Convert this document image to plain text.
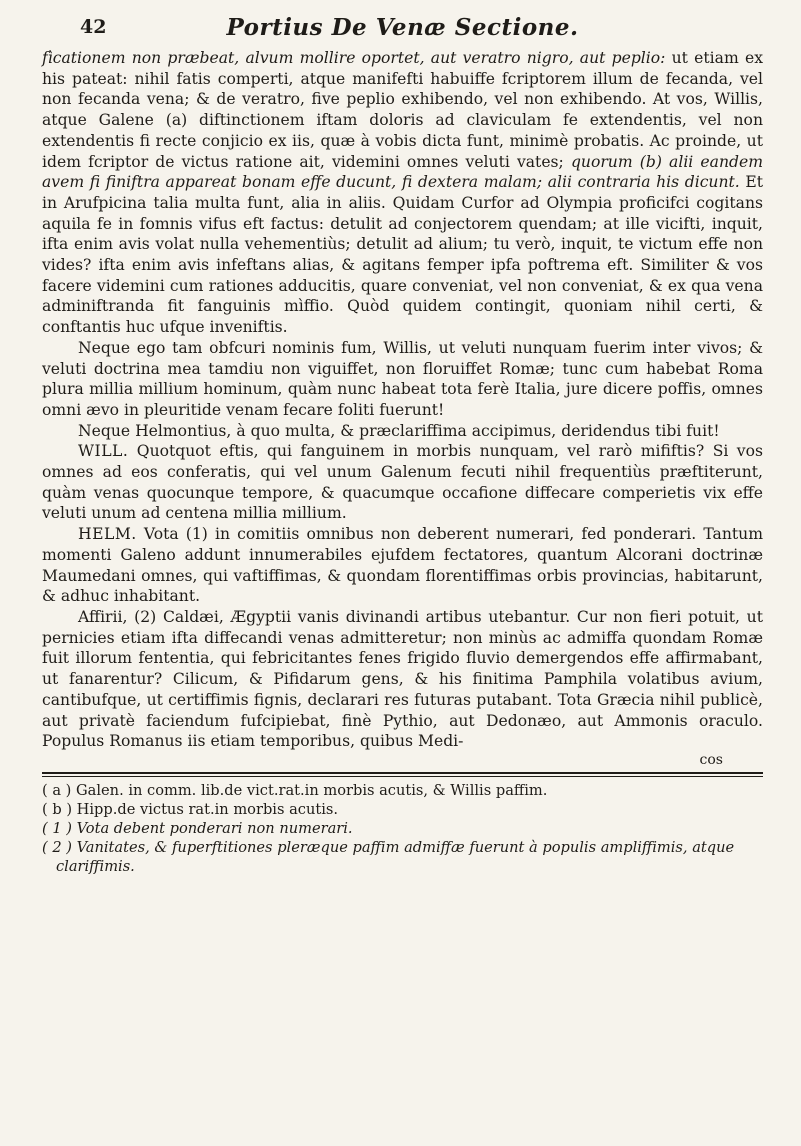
42	Portius De Venæ Sectione.

fìcationem non præbeat, alvum mollire oportet, aut veratro nigro, aut peplio: ut etiam ex his pateat: nihil fatis comperti, atque manifefti habuiffe fcriptorem illum de fecanda, vel non fecanda vena; & de veratro, five peplio exhibendo, vel non exhibendo. At vos, Willis, atque Galene (a) diftinctionem iftam doloris ad claviculam fe extendentis, vel non extendentis fi recte conjicio ex iis, quæ à vobis dicta funt, minimè probatis. Ac proinde, ut idem fcriptor de victus ratione ait, videmini omnes veluti vates; quorum (b) alii eandem avem fi finiftra appareat bonam effe ducunt, fi dextera malam; alii contraria his dicunt. Et in Arufpicina talia multa funt, alia in aliis. Quidam Curfor ad Olympia proficifci cogitans aquila fe in fomnis vifus eft factus: detulit ad conjectorem quendam; at ille vicifti, inquit, ifta enim avis volat nulla vehementiùs; detulit ad alium; tu verò, inquit, te victum effe non vides? ifta enim avis infeftans alias, & agitans femper ipfa poftrema eft. Similiter & vos facere videmini cum rationes adducitis, quare conveniat, vel non conveniat, & ex qua vena adminiftranda fit fanguinis mìffio. Quòd quidem contingit, quoniam nihil certi, & conftantis huc ufque inveniftis.

Neque ego tam obfcuri nominis fum, Willis, ut veluti nunquam fuerim inter vivos; & veluti doctrina mea tamdiu non viguiffet, non floruiffet Romæ; tunc cum habebat Roma plura millia millium hominum, quàm nunc habeat tota ferè Italia, jure dicere poffis, omnes omni ævo in pleuritide venam fecare foliti fuerunt!

Neque Helmontius, à quo multa, & præclariffima accipimus, deridendus tibi fuit!

WILL. Quotquot eftis, qui fanguinem in morbis nunquam, vel rarò mififtis? Si vos omnes ad eos conferatis, qui vel unum Galenum fecuti nihil frequentiùs præftiterunt, quàm venas quocunque tempore, & quacumque occafione diffecare comperietis vix effe veluti unum ad centena millia millium.

HELM. Vota (1) in comitiis omnibus non deberent numerari, fed ponderari. Tantum momenti Galeno addunt innumerabiles ejufdem fectatores, quantum Alcorani doctrinæ Maumedani omnes, qui vaftiffimas, & quondam florentiffimas orbis provincias, habitarunt, & adhuc inhabitant.

Affirii, (2) Caldæi, Ægyptii vanis divinandi artibus utebantur. Cur non fieri potuit, ut pernicies etiam ifta diffecandi venas admitteretur; non minùs ac admiffa quondam Romæ fuit illorum fententia, qui febricitantes fenes frigido fluvio demergendos effe affirmabant, ut fanarentur? Cilicum, & Pifidarum gens, & his finitima Pamphila volatibus avium, cantibufque, ut certiffimis fignis, declarari res futuras putabant. Tota Græcia nihil publicè, aut privatè faciendum fufcipiebat, finè Pythio, aut Dedonæo, aut Ammonis oraculo. Populus Romanus iis etiam temporibus, quibus Medi-

cos

( a ) Galen. in comm. lib.de vict.rat.in morbis acutis, & Willis paffim.

( b ) Hipp.de victus rat.in morbis acutis.

( 1 ) Vota debent ponderari non numerari.

( 2 ) Vanitates, & fuperftitiones pleræque paffim admiffæ fuerunt à populis ampliffimis, atque clariffimis.
